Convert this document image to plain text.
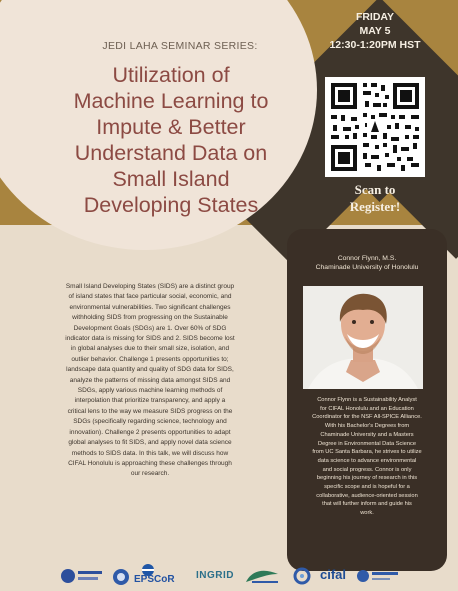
JEDI LAHA SEMINAR SERIES:
Utilization of
Machine Learning to
Impute & Better
Understand Data on
Small Island
Developing States
FRIDAY
MAY 5
12:30-1:20PM HST
Scan to
Register!
Connor Flynn, M.S.
Chaminade University of Honolulu
Connor Flynn is a Sustainability Analyst
for CIFAL Honolulu and an Education
Coordinator for the NSF All-SPICE Alliance.
With his Bachelor's Degrees from
Chaminade University and a Masters
Degree in Environmental Data Science
from UC Santa Barbara, he strives to utilize
data science to advance environmental
and social progress. Connor is only
beginning his journey of research in this
specific scope and is hopeful for a
collaborative, audience-oriented session
that will further inform and guide his
work.
Small Island Developing States (SIDS) are a distinct group
of island states that face particular social, economic, and
environmental vulnerabilities. Two significant challenges
withholding SIDS from progressing on the Sustainable
Development Goals (SDGs) are 1. Over 60% of SDG
indicator data is missing for SIDS and 2. SIDS become lost
in global analyses due to their small size, isolation, and
outlier behavior. Challenge 1 presents opportunities to;
landscape data quantity and quality of SDG data for SIDS,
analyze the patterns of missing data amongst SIDS and
SDGs, apply various machine learning methods of
interpolation that prioritize transparency, and apply a
critical lens to the way we measure SIDS progress on the
SDGs (specifically regarding science, technology and
innovation). Challenge 2 presents opportunities to adapt
global analyses to fit SIDS, and apply novel data science
methods to SIDS data. In this talk, we will discuss how
CIFAL Honolulu is approaching these challenges through
our research.
EPSCoR INGRID	cifal
